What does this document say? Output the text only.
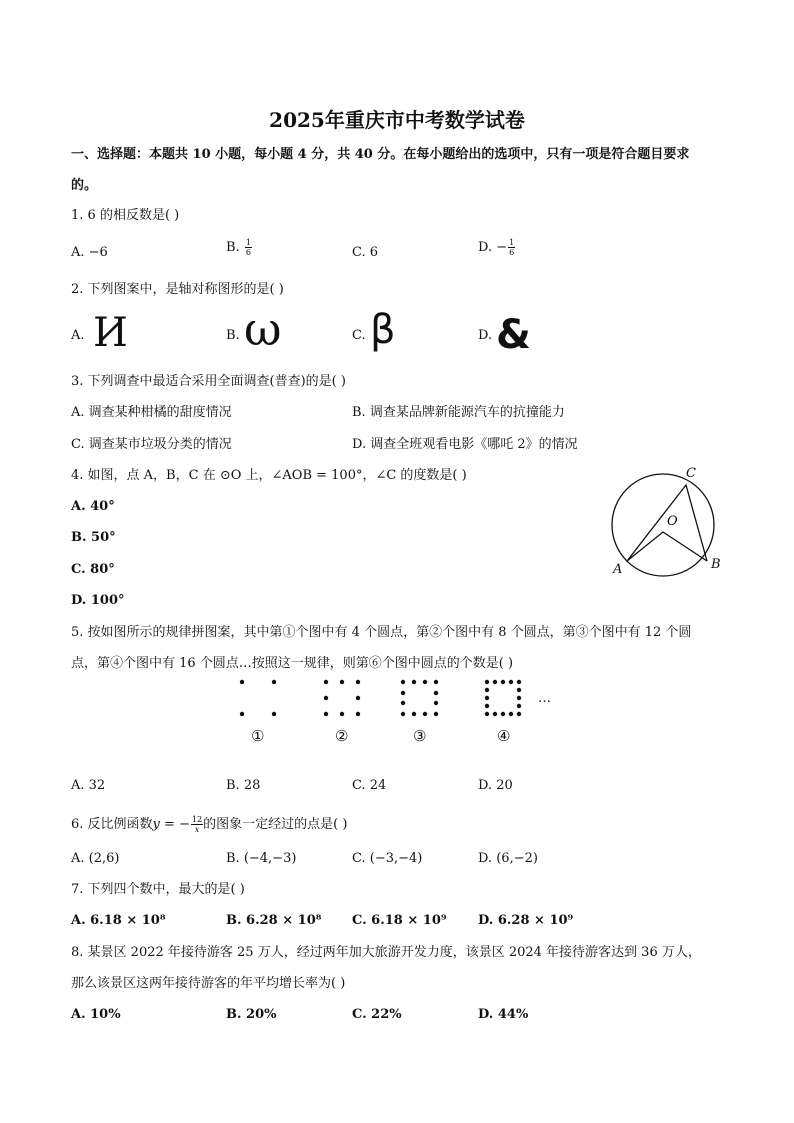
2025年重庆市中考数学试卷
一、选择题：本题共 10 小题，每小题 4 分，共 40 分。在每小题给出的选项中，只有一项是符合题目要求
的。
1. 6 的相反数是( )
A. −6	B. $\frac{1}{6}$	C. 6	D. − $\frac{1}{6}$
2. 下列图案中，是轴对称图形的是( )
A. И	B. ω	C. β	D. &
3. 下列调查中最适合采用全面调查(普查)的是( )
A. 调查某种柑橘的甜度情况	B. 调查某品牌新能源汽车的抗撞能力
C. 调查某市垃圾分类的情况	D. 调查全班观看电影《哪吒 2》的情况
4. 如图，点 A，B，C 在 ⊙O 上，∠AOB = 100°，∠C 的度数是( )
A. 40°
B. 50°
C. 80°
D. 100°
C
O
A	B
5. 按如图所示的规律拼图案，其中第①个图中有 4 个圆点，第②个图中有 8 个圆点，第③个图中有 12 个圆
点，第④个图中有 16 个圆点…按照这一规律，则第⑥个图中圆点的个数是( )
…
①	②	③	④
A. 32	B. 28	C. 24	D. 20
6. 反比例函数y = − $\frac{12}{x}$ 的图象一定经过的点是( )
A. (2,6)	B. (−4,−3)	C. (−3,−4)	D. (6,−2)
7. 下列四个数中，最大的是( )
A. 6.18 × 10⁸	B. 6.28 × 10⁸ C. 6.18 × 10⁹ D. 6.28 × 10⁹
8. 某景区 2022 年接待游客 25 万人，经过两年加大旅游开发力度，该景区 2024 年接待游客达到 36 万人，
那么该景区这两年接待游客的年平均增长率为( )
A. 10%	B. 20%	C. 22%	D. 44%
